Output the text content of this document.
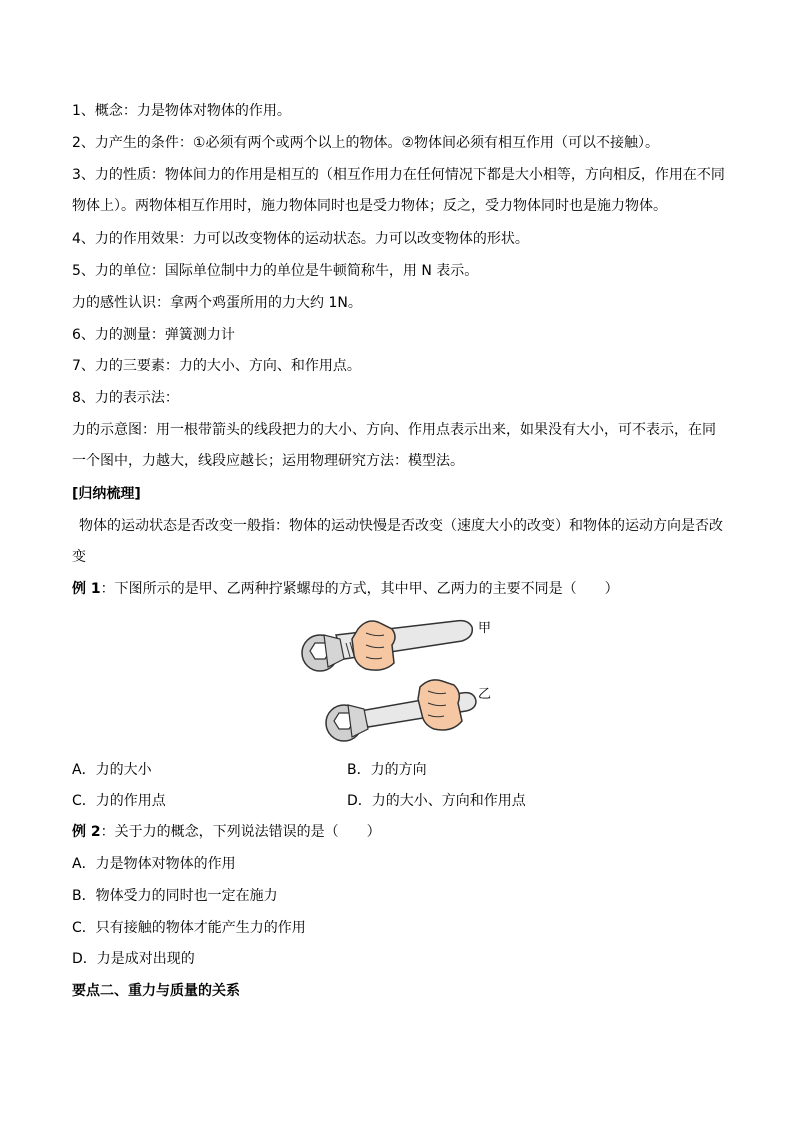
1、概念：力是物体对物体的作用。
2、力产生的条件：①必须有两个或两个以上的物体。②物体间必须有相互作用（可以不接触）。
3、力的性质：物体间力的作用是相互的（相互作用力在任何情况下都是大小相等，方向相反，作用在不同物体上）。两物体相互作用时，施力物体同时也是受力物体；反之，受力物体同时也是施力物体。
4、力的作用效果：力可以改变物体的运动状态。力可以改变物体的形状。
5、力的单位：国际单位制中力的单位是牛顿简称牛，用 N 表示。
力的感性认识：拿两个鸡蛋所用的力大约 1N。
6、力的测量：弹簧测力计
7、力的三要素：力的大小、方向、和作用点。
8、力的表示法：
力的示意图：用一根带箭头的线段把力的大小、方向、作用点表示出来，如果没有大小，可不表示，在同一个图中，力越大，线段应越长；运用物理研究方法：模型法。
[归纳梳理]
物体的运动状态是否改变一般指：物体的运动快慢是否改变（速度大小的改变）和物体的运动方向是否改变
例 1：下图所示的是甲、乙两种拧紧螺母的方式，其中甲、乙两力的主要不同是（　　）
甲
乙
A．力的大小	B．力的方向
C．力的作用点	D．力的大小、方向和作用点
例 2：关于力的概念，下列说法错误的是（　　）
A．力是物体对物体的作用
B．物体受力的同时也一定在施力
C．只有接触的物体才能产生力的作用
D．力是成对出现的
要点二、重力与质量的关系
